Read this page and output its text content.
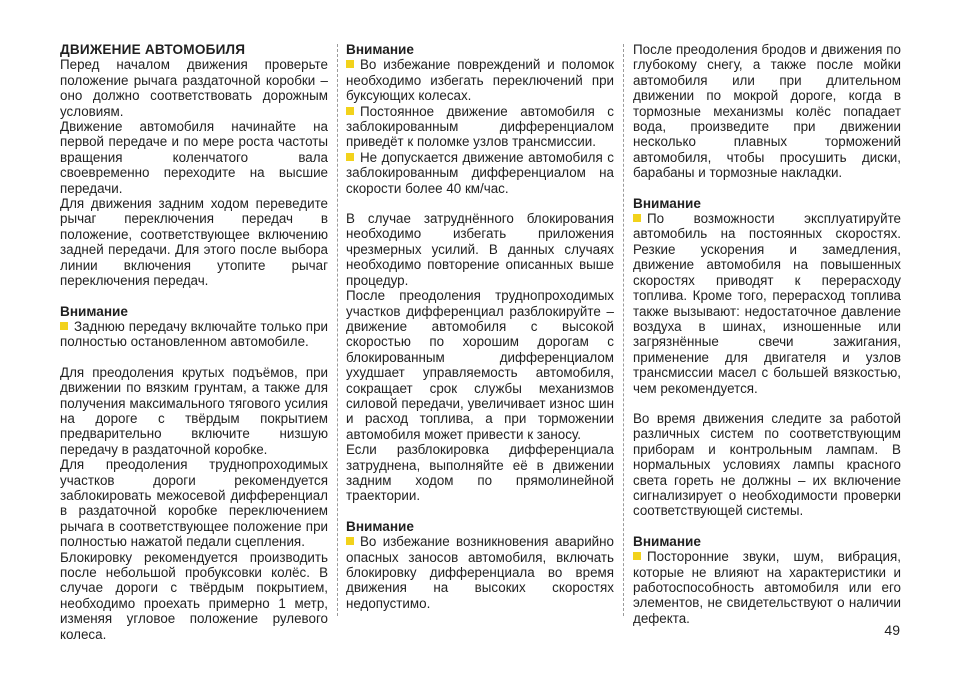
ДВИЖЕНИЕ АВТОМОБИЛЯ

Перед началом движения проверьте положение рычага раздаточной коробки – оно должно соответствовать дорожным условиям.

Движение автомобиля начинайте на первой передаче и по мере роста частоты вращения коленчатого вала своевременно переходите на высшие передачи.

Для движения задним ходом переведите рычаг переключения передач в положение, соответствующее включению задней передачи. Для этого после выбора линии включения утопите рычаг переключения передач.

Внимание

Заднюю передачу включайте только при полностью остановленном автомобиле.

Для преодоления крутых подъёмов, при движении по вязким грунтам, а также для получения максимального тягового усилия на дороге с твёрдым покрытием предварительно включите низшую передачу в раздаточной коробке.

Для преодоления труднопроходимых участков дороги рекомендуется заблокировать межосевой дифференциал в раздаточной коробке переключением рычага в соответствующее положение при полностью нажатой педали сцепления.

Блокировку рекомендуется производить после небольшой пробуксовки колёс. В случае дороги с твёрдым покрытием, необходимо проехать примерно 1 метр, изменяя угловое положение рулевого колеса.

Внимание

Во избежание повреждений и поломок необходимо избегать переключений при буксующих колесах.

Постоянное движение автомобиля с заблокированным дифференциалом приведёт к поломке узлов трансмиссии.

Не допускается движение автомобиля с заблокированным дифференциалом на скорости более 40 км/час.

В случае затруднённого блокирования необходимо избегать приложения чрезмерных усилий. В данных случаях необходимо повторение описанных выше процедур.

После преодоления труднопроходимых участков дифференциал разблокируйте – движение автомобиля с высокой скоростью по хорошим дорогам с блокированным дифференциалом ухудшает управляемость автомобиля, сокращает срок службы механизмов силовой передачи, увеличивает износ шин и расход топлива, а при торможении автомобиля может привести к заносу.

Если разблокировка дифференциала затруднена, выполняйте её в движении задним ходом по прямолинейной траектории.

Внимание

Во избежание возникновения аварийно опасных заносов автомобиля, включать блокировку дифференциала во время движения на высоких скоростях недопустимо.

После преодоления бродов и движения по глубокому снегу, а также после мойки автомобиля или при длительном движении по мокрой дороге, когда в тормозные механизмы колёс попадает вода, произведите при движении несколько плавных торможений автомобиля, чтобы просушить диски, барабаны и тормозные накладки.

Внимание

По возможности эксплуатируйте автомобиль на постоянных скоростях. Резкие ускорения и замедления, движение автомобиля на повышенных скоростях приводят к перерасходу топлива. Кроме того, перерасход топлива также вызывают: недостаточное давление воздуха в шинах, изношенные или загрязнённые свечи зажигания, применение для двигателя и узлов трансмиссии масел с большей вязкостью, чем рекомендуется.

Во время движения следите за работой различных систем по соответствующим приборам и контрольным лампам. В нормальных условиях лампы красного света гореть не должны – их включение сигнализирует о необходимости проверки соответствующей системы.

Внимание

Посторонние звуки, шум, вибрация, которые не влияют на характеристики и работоспособность автомобиля или его элементов, не свидетельствуют о наличии дефекта.

49
